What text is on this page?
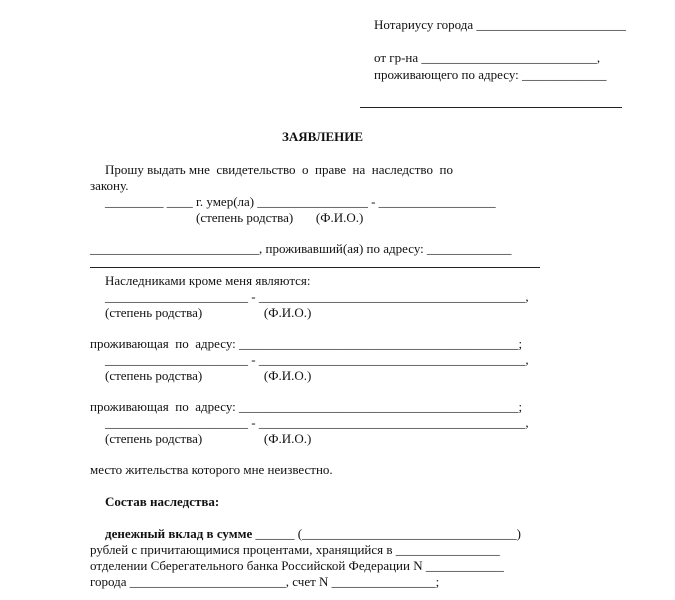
Нотариусу города _______________________
от гр-на ___________________________,
проживающего по адресу: _____________
ЗАЯВЛЕНИЕ
Прошу выдать мне  свидетельство  о  праве  на  наследство  по
закону.
_________ ____ г. умер(ла) _________________ - __________________
(степень родства)       (Ф.И.О.)
__________________________, проживавший(ая) по адресу: _____________
Наследниками кроме меня являются:
______________________ - _________________________________________,
(степень родства)                   (Ф.И.О.)
проживающая  по  адресу: ___________________________________________;
______________________ - _________________________________________,
(степень родства)                   (Ф.И.О.)
проживающая  по  адресу: ___________________________________________;
______________________ - _________________________________________,
(степень родства)                   (Ф.И.О.)
место жительства которого мне неизвестно.
Состав наследства:
денежный вклад в сумме ______ (_________________________________)
рублей с причитающимися процентами, хранящийся в ________________
отделении Сберегательного банка Российской Федерации N ____________
города ________________________, счет N ________________;
